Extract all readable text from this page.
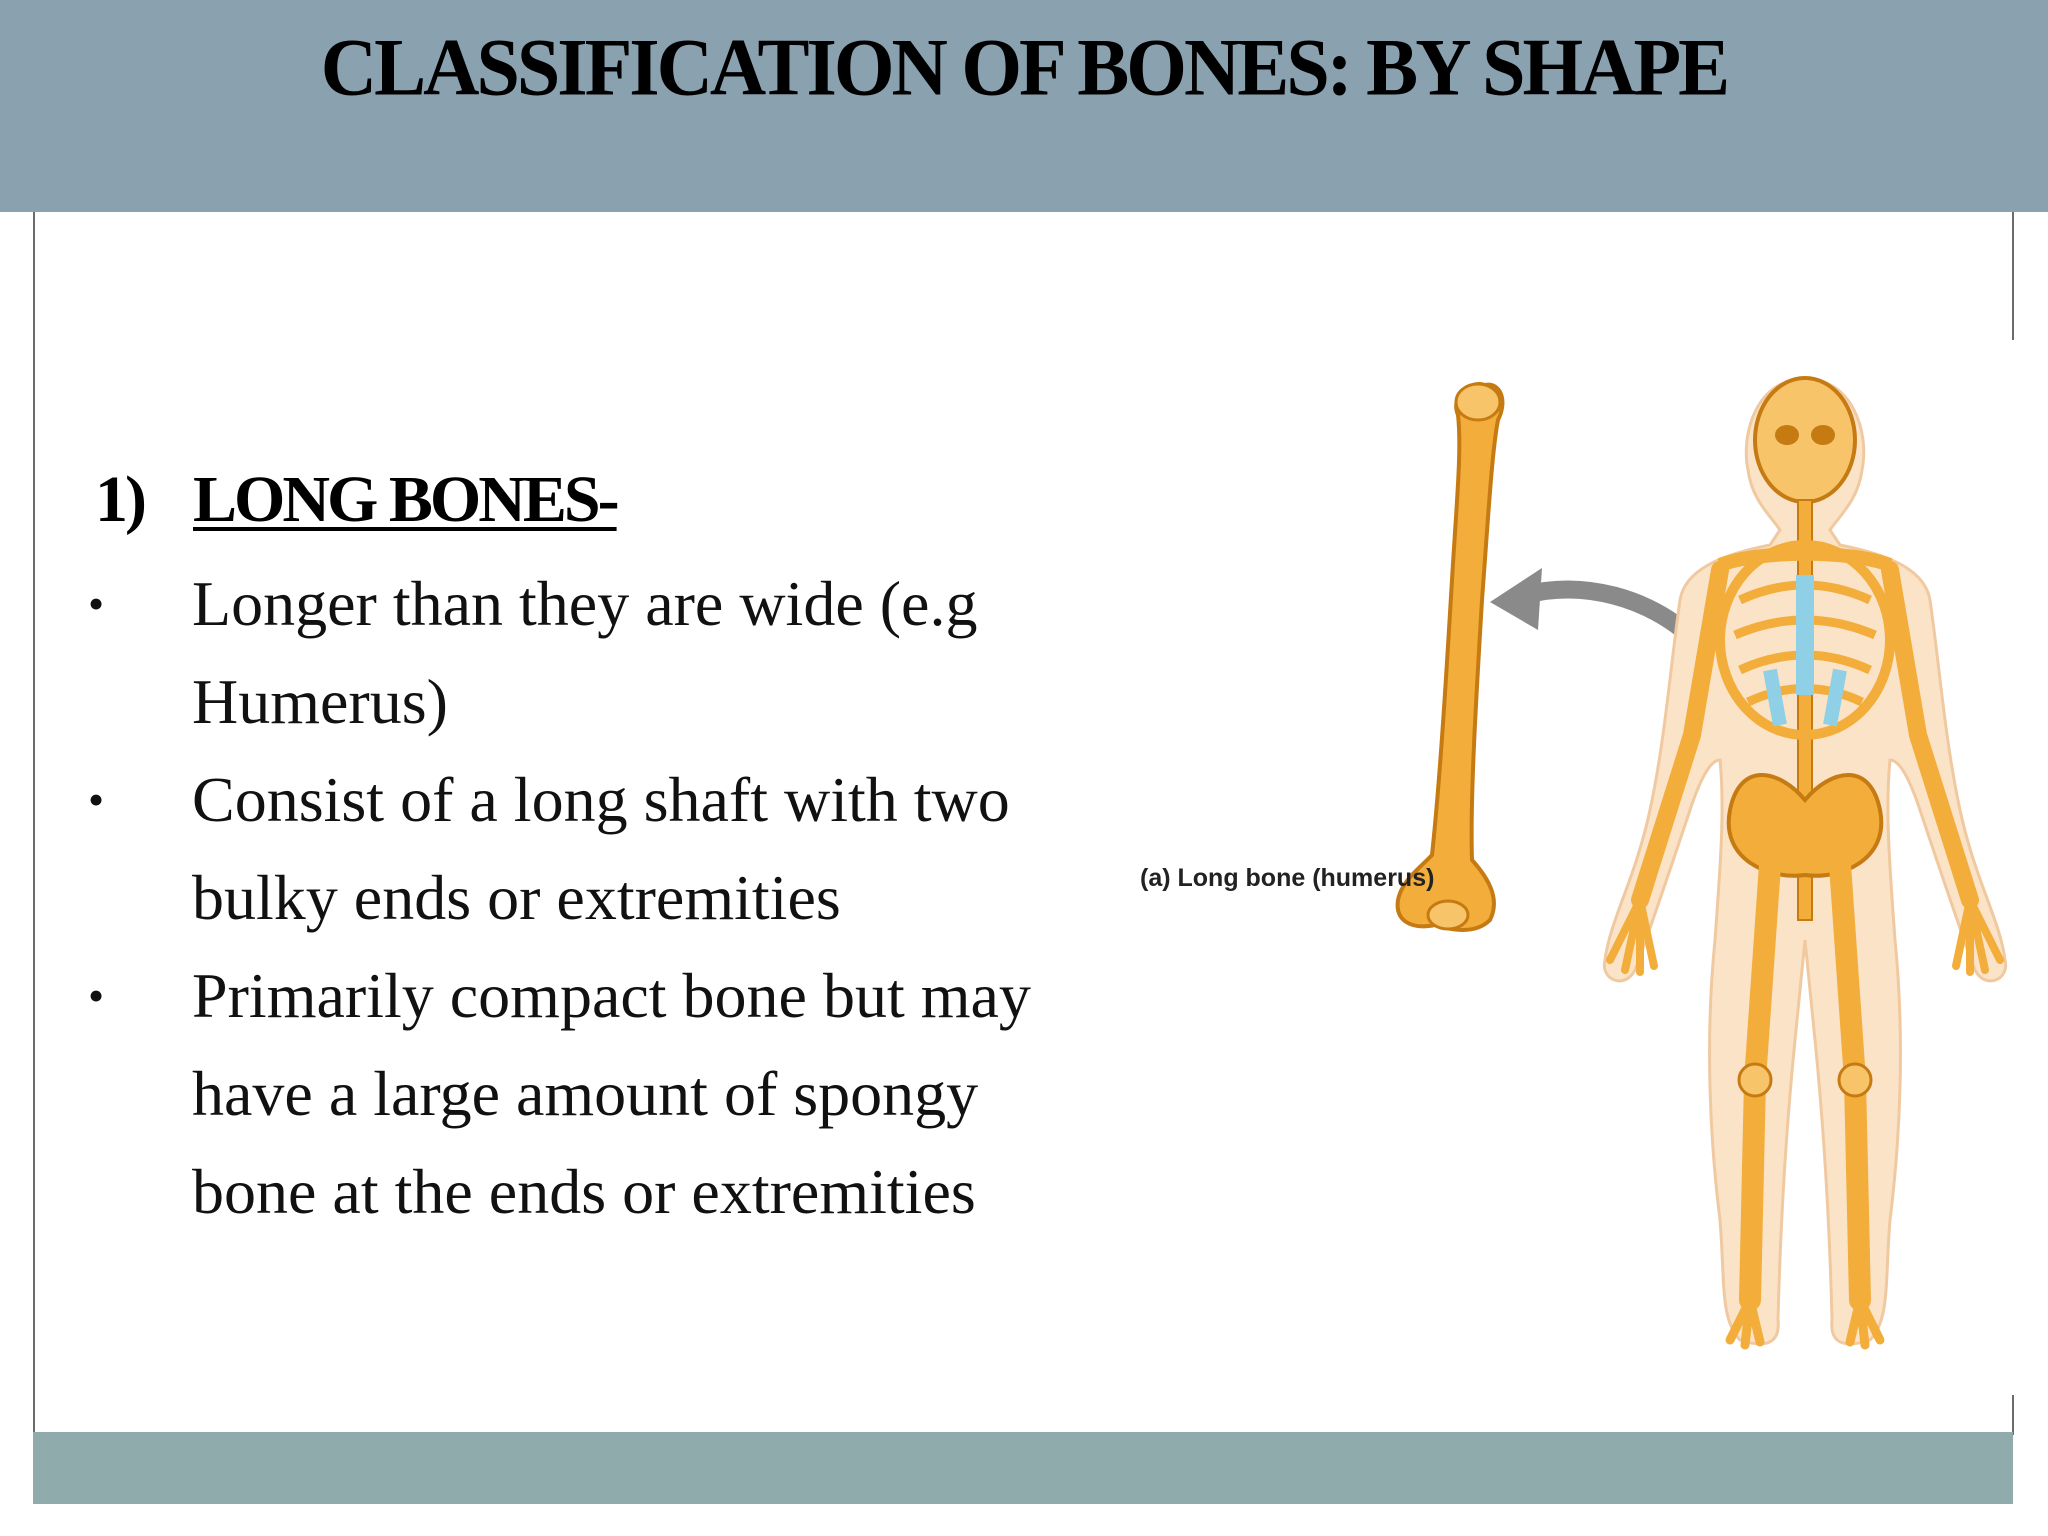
CLASSIFICATION OF BONES: BY SHAPE
1) LONG BONES-
• Longer than they are wide (e.g Humerus)
• Consist of a long shaft with two bulky ends or extremities
• Primarily compact bone but may have a large amount of spongy bone at the ends or extremities
(a) Long bone (humerus)
